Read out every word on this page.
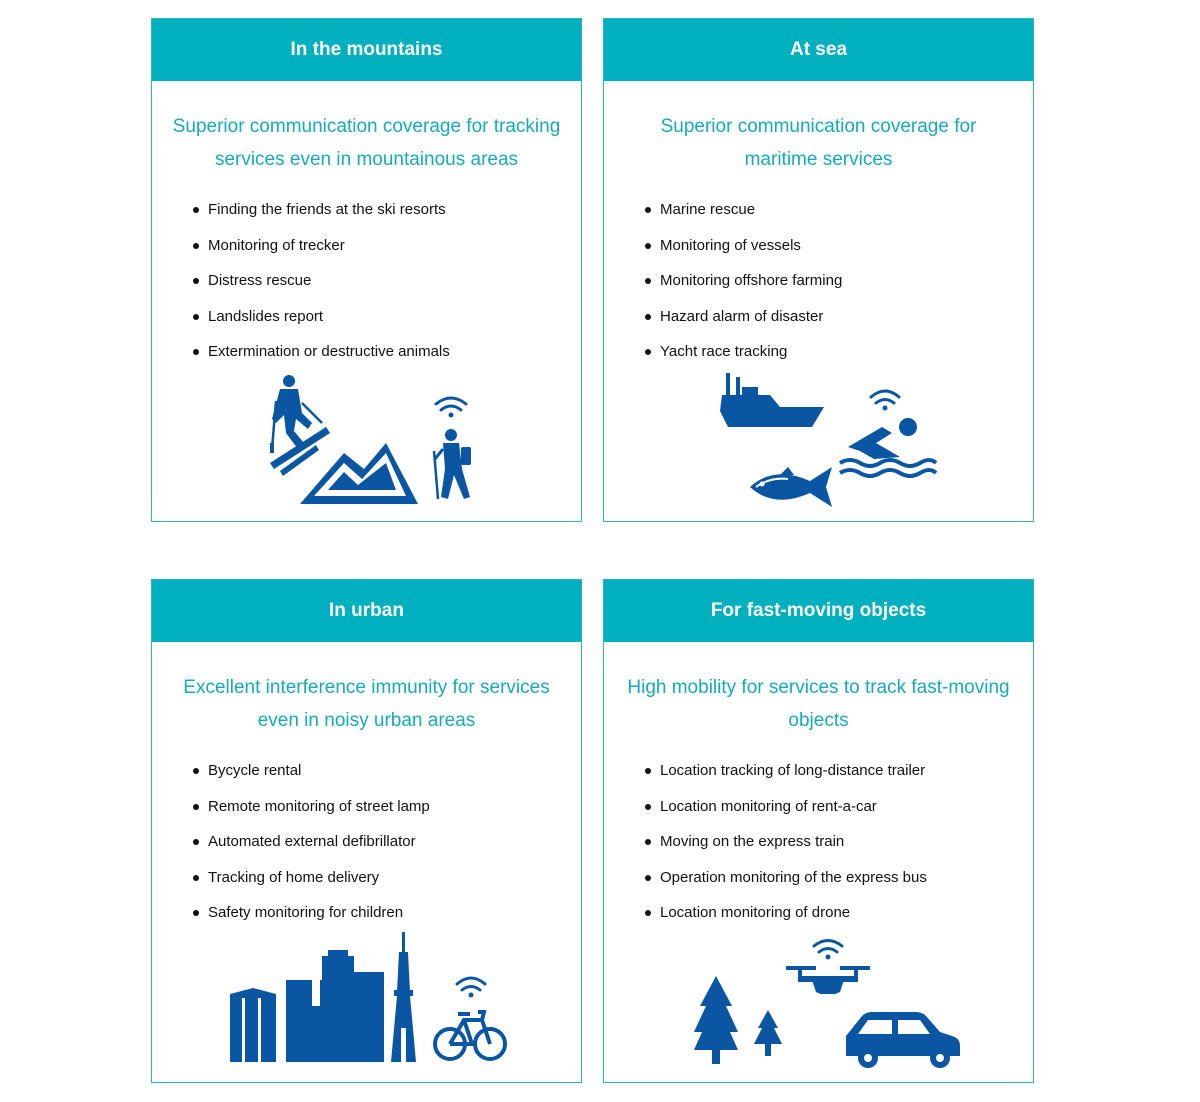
In the mountains
Superior communication coverage for tracking services even in mountainous areas
Finding the friends at the ski resorts
Monitoring of trecker
Distress rescue
Landslides report
Extermination or destructive animals
At sea
Superior communication coverage for maritime services
Marine rescue
Monitoring of vessels
Monitoring offshore farming
Hazard alarm of disaster
Yacht race tracking
In urban
Excellent interference immunity for services even in noisy urban areas
Bycycle rental
Remote monitoring of street lamp
Automated external defibrillator
Tracking of home delivery
Safety monitoring for children
For fast-moving objects
High mobility for services to track fast-moving objects
Location tracking of long-distance trailer
Location monitoring of rent-a-car
Moving on the express train
Operation monitoring of the express bus
Location monitoring of drone
